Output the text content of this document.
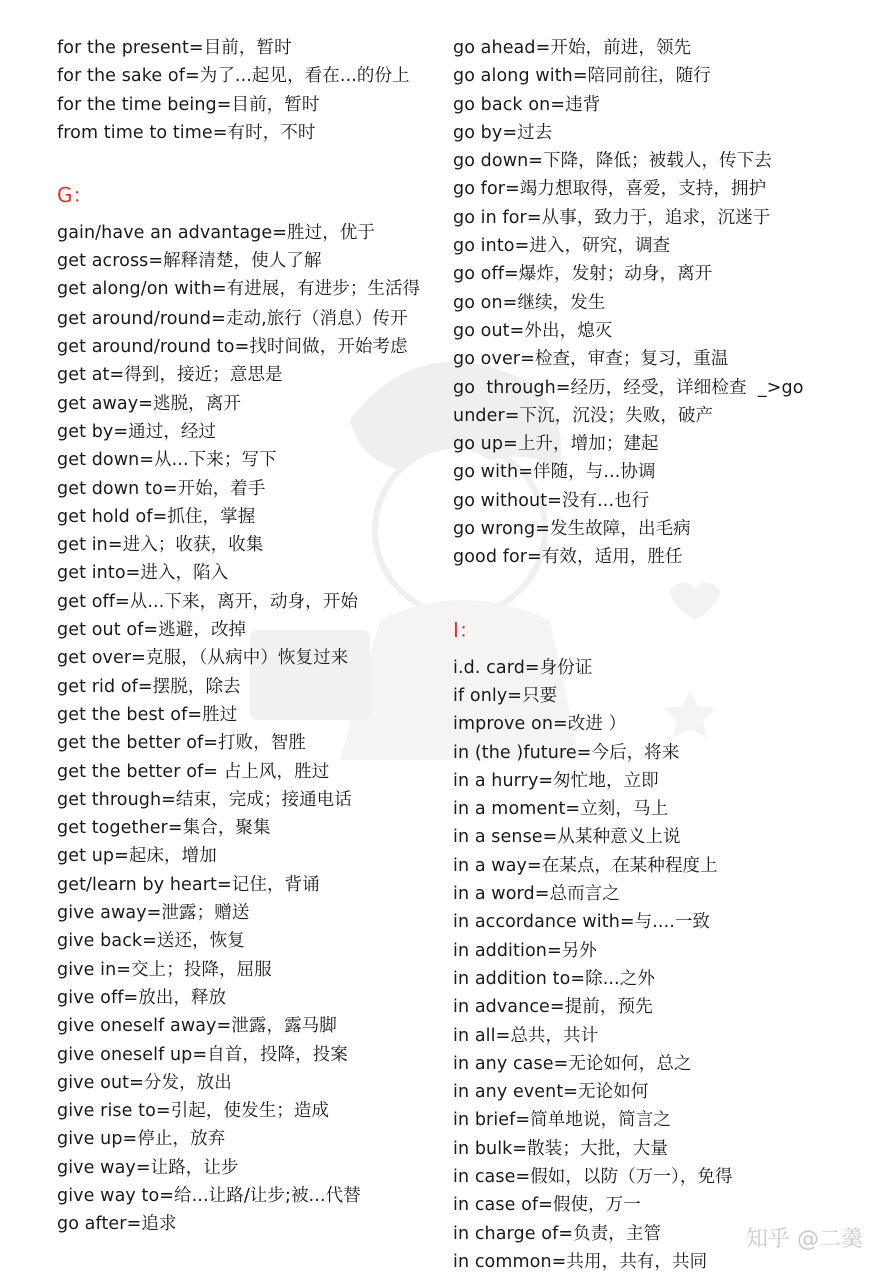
for the present=目前，暂时
for the sake of=为了...起见，看在...的份上
for the time being=目前，暂时
from time to time=有时，不时
G：
gain/have an advantage=胜过，优于
get across=解释清楚，使人了解
get along/on with=有进展，有进步；生活得
get around/round=走动,旅行（消息）传开
get around/round to=找时间做，开始考虑
get at=得到，接近；意思是
get away=逃脱，离开
get by=通过，经过
get down=从...下来；写下
get down to=开始，着手
get hold of=抓住，掌握
get in=进入；收获，收集
get into=进入，陷入
get off=从...下来，离开，动身，开始
get out of=逃避，改掉
get over=克服，（从病中）恢复过来
get rid of=摆脱，除去
get the best of=胜过
get the better of=打败，智胜
get the better of= 占上风，胜过
get through=结束，完成；接通电话
get together=集合，聚集
get up=起床，增加
get/learn by heart=记住，背诵
give away=泄露；赠送
give back=送还，恢复
give in=交上；投降，屈服
give off=放出，释放
give oneself away=泄露，露马脚
give oneself up=自首，投降，投案
give out=分发，放出
give rise to=引起，使发生；造成
give up=停止，放弃
give way=让路，让步
give way to=给...让路/让步;被...代替
go after=追求
go ahead=开始，前进，领先
go along with=陪同前往，随行
go back on=违背
go by=过去
go down=下降，降低；被载人，传下去
go for=竭力想取得，喜爱，支持，拥护
go in for=从事，致力于，追求，沉迷于
go into=进入，研究，调查
go off=爆炸，发射；动身，离开
go on=继续，发生
go out=外出，熄灭
go over=检查，审查；复习，重温
go  through=经历，经受，详细检查  _>go
under=下沉，沉没；失败，破产
go up=上升，增加；建起
go with=伴随，与...协调
go without=没有...也行
go wrong=发生故障，出毛病
good for=有效，适用，胜任
I：
i.d. card=身份证
if only=只要
improve on=改进 ）
in (the )future=今后，将来
in a hurry=匆忙地，立即
in a moment=立刻，马上
in a sense=从某种意义上说
in a way=在某点，在某种程度上
in a word=总而言之
in accordance with=与....一致
in addition=另外
in addition to=除...之外
in advance=提前，预先
in all=总共，共计
in any case=无论如何，总之
in any event=无论如何
in brief=简单地说，简言之
in bulk=散装；大批，大量
in case=假如，以防（万一），免得
in case of=假使，万一
in charge of=负责，主管
in common=共用，共有，共同
知乎 @二羹
